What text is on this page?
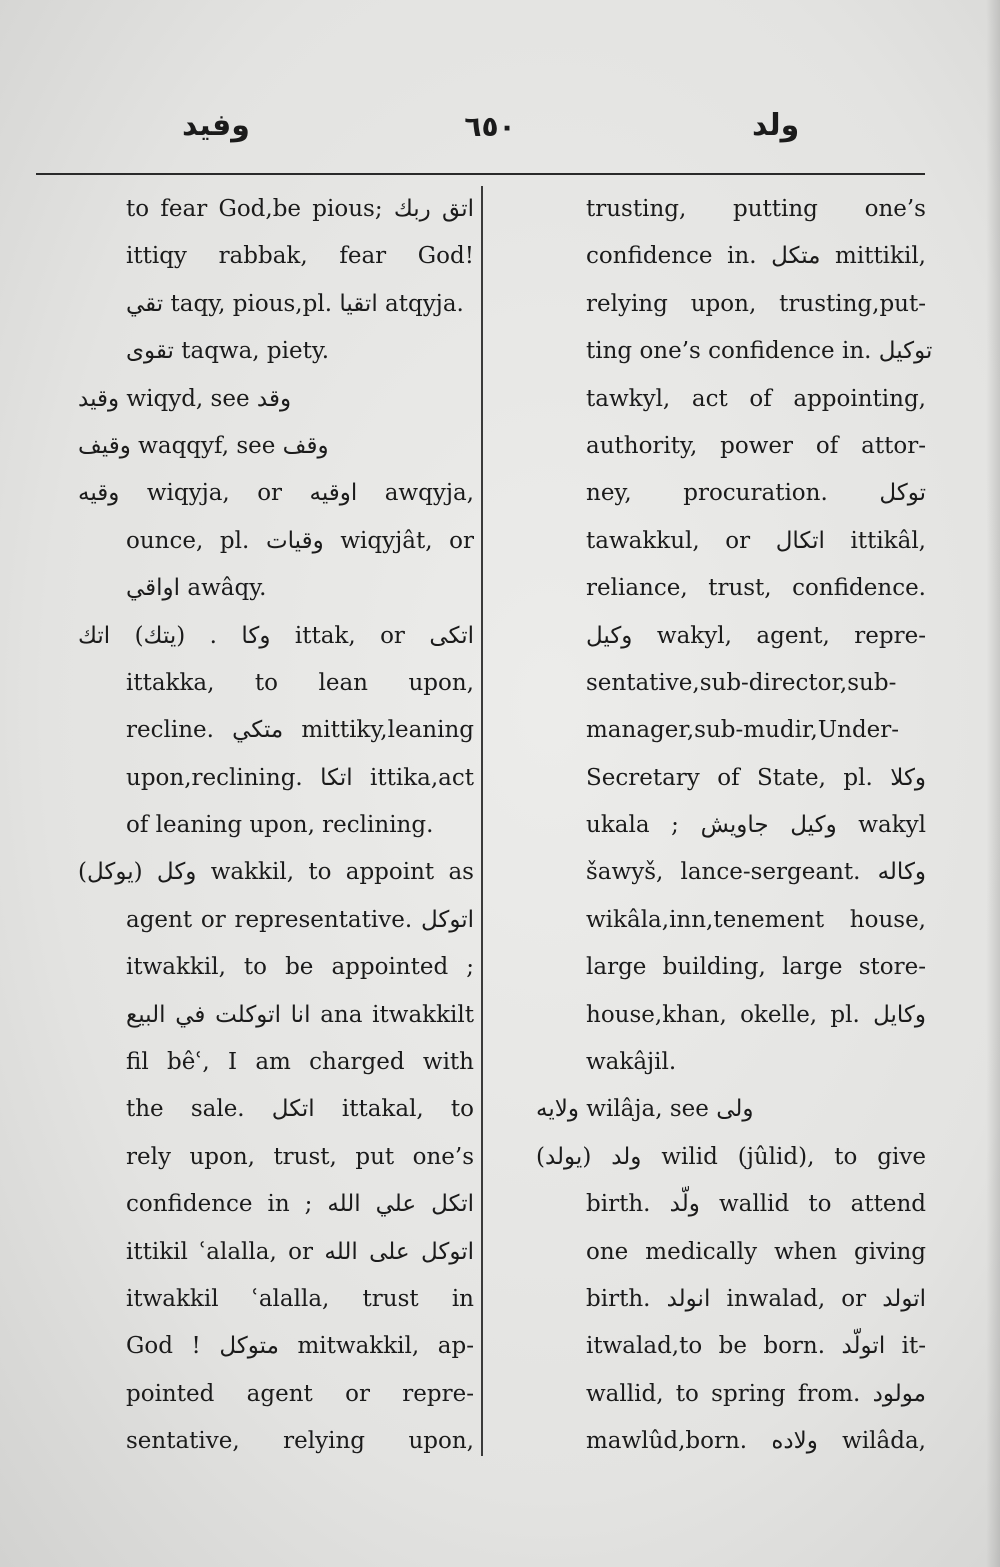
وفيد	٦٥٠	ولد
to fear God,be pious; اتق ربك
ittiqy rabbak, fear God!
تقي taqy, pious,pl. اتقيا atqyja.
تقوى taqwa, piety.
وقيد wiqyd, see وقد
وقيف waqqyf, see وقف
وقيه wiqyja, or اوقيه awqyja,
ounce, pl. وقيات wiqyjât, or
اواقي awâqy.
وكا . (يتك) اتك ittak, or اتكى
ittakka, to lean upon,
recline. متكي mittiky,leaning
upon,reclining. اتكا ittika,act
of leaning upon, reclining.
وكل (يوكل) wakkil, to appoint as
agent or representative. اتوكل
itwakkil, to be appointed ;
انا اتوكلت في البيع ana itwakkilt
fil bêʿ, I am charged with
the sale. اتكل ittakal, to
rely upon, trust, put one’s
confidence in ; اتكل علي الله
ittikil ʿalalla, or اتوكل على الله
itwakkil ʿalalla, trust in
God ! متوكل mitwakkil, ap-
pointed agent or repre-
sentative, relying upon,
trusting, putting one’s
confidence in. متكل mittikil,
relying upon, trusting,put-
ting one’s confidence in. توكيل
tawkyl, act of appointing,
authority, power of attor-
ney, procuration. توكل
tawakkul, or اتكال ittikâl,
reliance, trust, confidence.
وكيل wakyl, agent, repre-
sentative,sub-director,sub-
manager,sub-mudir,Under-
Secretary of State, pl. وكلا
ukala ; وكيل جاويش wakyl
šawyš, lance-sergeant. وكاله
wikâla,inn,tenement house,
large building, large store-
house,khan, okelle, pl. وكايل
wakâjil.
ولايه wilâja, see ولى
ولد (يولد) wilid (jûlid), to give
birth. ولّد wallid to attend
one medically when giving
birth. انولد inwalad, or اتولد
itwalad,to be born. اتولّد it-
wallid, to spring from. مولود
mawlûd,born. ولاده wilâda,
